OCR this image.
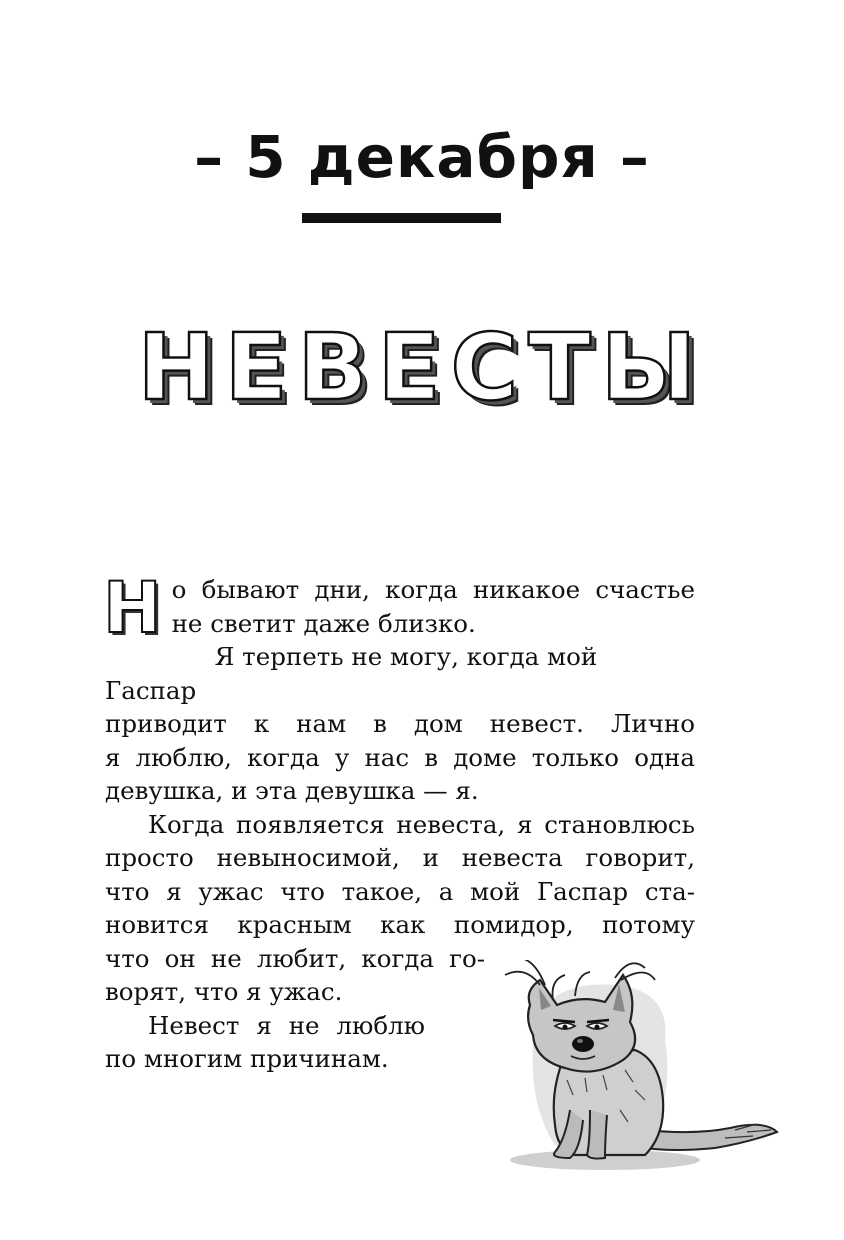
– 5 декабря –
НЕВЕСТЫ
Н о бывают дни, когда никакое счастье
не светит даже близко.
Я терпеть не могу, когда мой Гаспар
приводит к нам в дом невест. Лично
я люблю, когда у нас в доме только одна
девушка, и эта девушка — я.
Когда появляется невеста, я становлюсь
просто невыносимой, и невеста говорит,
что я ужас что такое, а мой Гаспар ста-
новится красным как помидор, потому
что он не любит, когда го-
ворят, что я ужас.
Невест я не люблю
по многим причинам.
